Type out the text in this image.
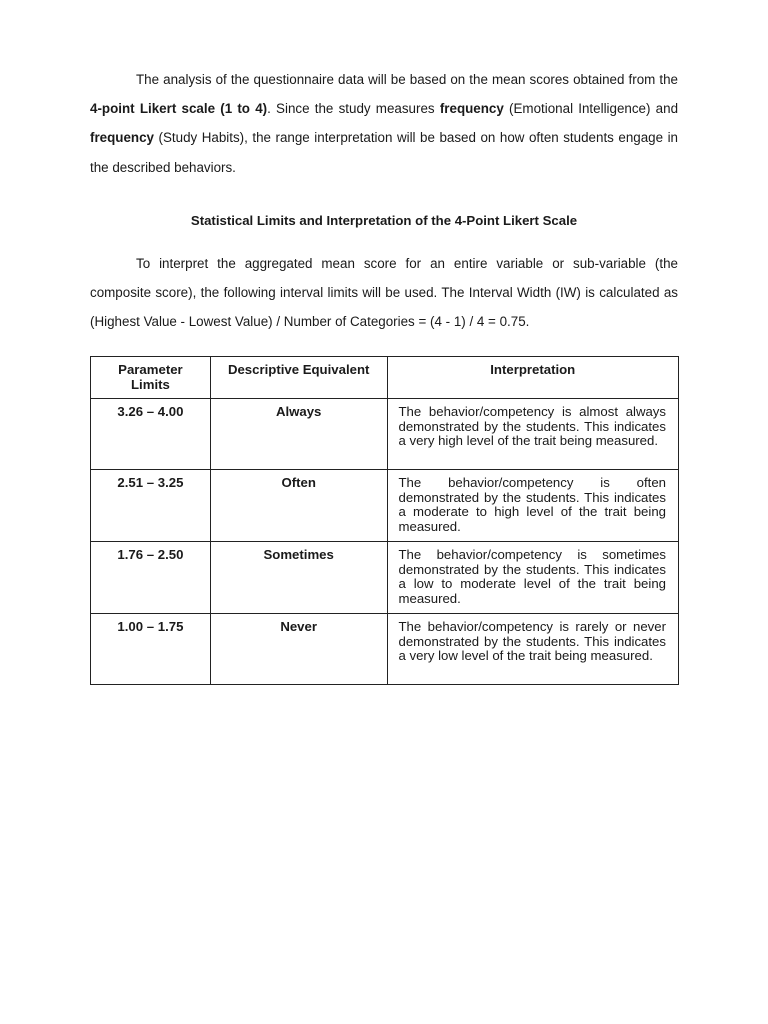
The analysis of the questionnaire data will be based on the mean scores obtained from the 4-point Likert scale (1 to 4). Since the study measures frequency (Emotional Intelligence) and frequency (Study Habits), the range interpretation will be based on how often students engage in the described behaviors.

Statistical Limits and Interpretation of the 4-Point Likert Scale

To interpret the aggregated mean score for an entire variable or sub-variable (the composite score), the following interval limits will be used. The Interval Width (IW) is calculated as (Highest Value - Lowest Value) / Number of Categories = (4 - 1) / 4 = 0.75.

Parameter Limits	Descriptive Equivalent	Interpretation
3.26 – 4.00	Always	The behavior/competency is almost always demonstrated by the students. This indicates a very high level of the trait being measured.
2.51 – 3.25	Often	The behavior/competency is often demonstrated by the students. This indicates a moderate to high level of the trait being measured.
1.76 – 2.50	Sometimes	The behavior/competency is sometimes demonstrated by the students. This indicates a low to moderate level of the trait being measured.
1.00 – 1.75	Never	The behavior/competency is rarely or never demonstrated by the students. This indicates a very low level of the trait being measured.
